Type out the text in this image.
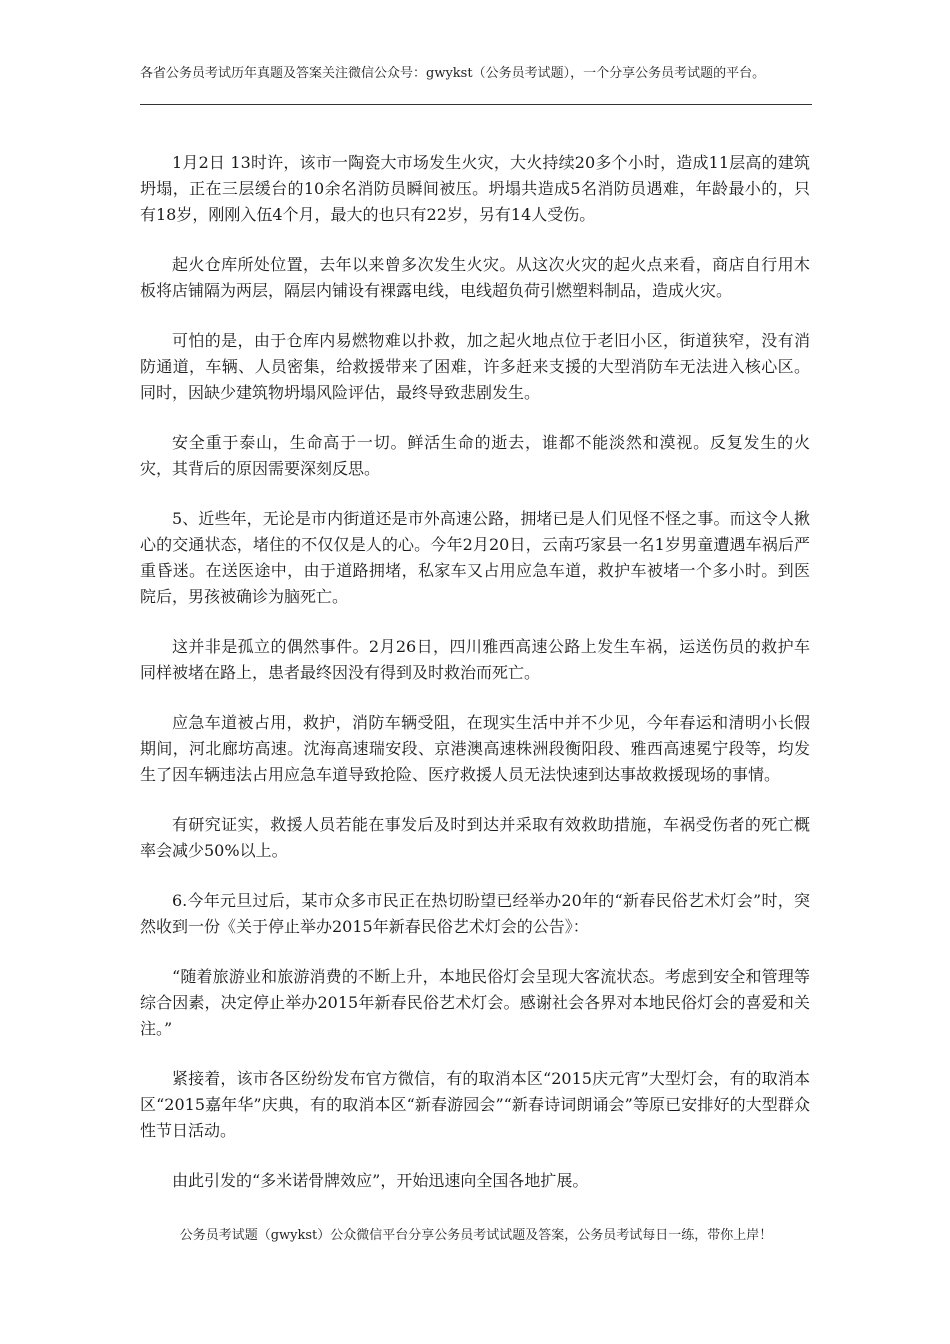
各省公务员考试历年真题及答案关注微信公众号：gwykst（公务员考试题），一个分享公务员考试题的平台。

1月2日 13时许，该市一陶瓷大市场发生火灾，大火持续20多个小时，造成11层高的建筑坍塌，正在三层缓台的10余名消防员瞬间被压。坍塌共造成5名消防员遇难，年龄最小的，只有18岁，刚刚入伍4个月，最大的也只有22岁，另有14人受伤。

起火仓库所处位置，去年以来曾多次发生火灾。从这次火灾的起火点来看，商店自行用木板将店铺隔为两层，隔层内铺设有裸露电线，电线超负荷引燃塑料制品，造成火灾。

可怕的是，由于仓库内易燃物难以扑救，加之起火地点位于老旧小区，街道狭窄，没有消防通道，车辆、人员密集，给救援带来了困难，许多赶来支援的大型消防车无法进入核心区。同时，因缺少建筑物坍塌风险评估，最终导致悲剧发生。

安全重于泰山，生命高于一切。鲜活生命的逝去，谁都不能淡然和漠视。反复发生的火灾，其背后的原因需要深刻反思。

5、近些年，无论是市内街道还是市外高速公路，拥堵已是人们见怪不怪之事。而这令人揪心的交通状态，堵住的不仅仅是人的心。今年2月20日，云南巧家县一名1岁男童遭遇车祸后严重昏迷。在送医途中，由于道路拥堵，私家车又占用应急车道，救护车被堵一个多小时。到医院后，男孩被确诊为脑死亡。

这并非是孤立的偶然事件。2月26日，四川雅西高速公路上发生车祸，运送伤员的救护车同样被堵在路上，患者最终因没有得到及时救治而死亡。

应急车道被占用，救护，消防车辆受阻，在现实生活中并不少见，今年春运和清明小长假期间，河北廊坊高速。沈海高速瑞安段、京港澳高速株洲段衡阳段、雅西高速冕宁段等，均发生了因车辆违法占用应急车道导致抢险、医疗救援人员无法快速到达事故救援现场的事情。

有研究证实，救援人员若能在事发后及时到达并采取有效救助措施，车祸受伤者的死亡概率会减少50%以上。

6.今年元旦过后，某市众多市民正在热切盼望已经举办20年的“新春民俗艺术灯会”时，突然收到一份《关于停止举办2015年新春民俗艺术灯会的公告》：

“随着旅游业和旅游消费的不断上升，本地民俗灯会呈现大客流状态。考虑到安全和管理等综合因素，决定停止举办2015年新春民俗艺术灯会。感谢社会各界对本地民俗灯会的喜爱和关注。”

紧接着，该市各区纷纷发布官方微信，有的取消本区“2015庆元宵”大型灯会，有的取消本区“2015嘉年华”庆典，有的取消本区“新春游园会”“新春诗词朗诵会”等原已安排好的大型群众性节日活动。

由此引发的“多米诺骨牌效应”，开始迅速向全国各地扩展。

公务员考试题（gwykst）公众微信平台分享公务员考试试题及答案，公务员考试每日一练，带你上岸！
